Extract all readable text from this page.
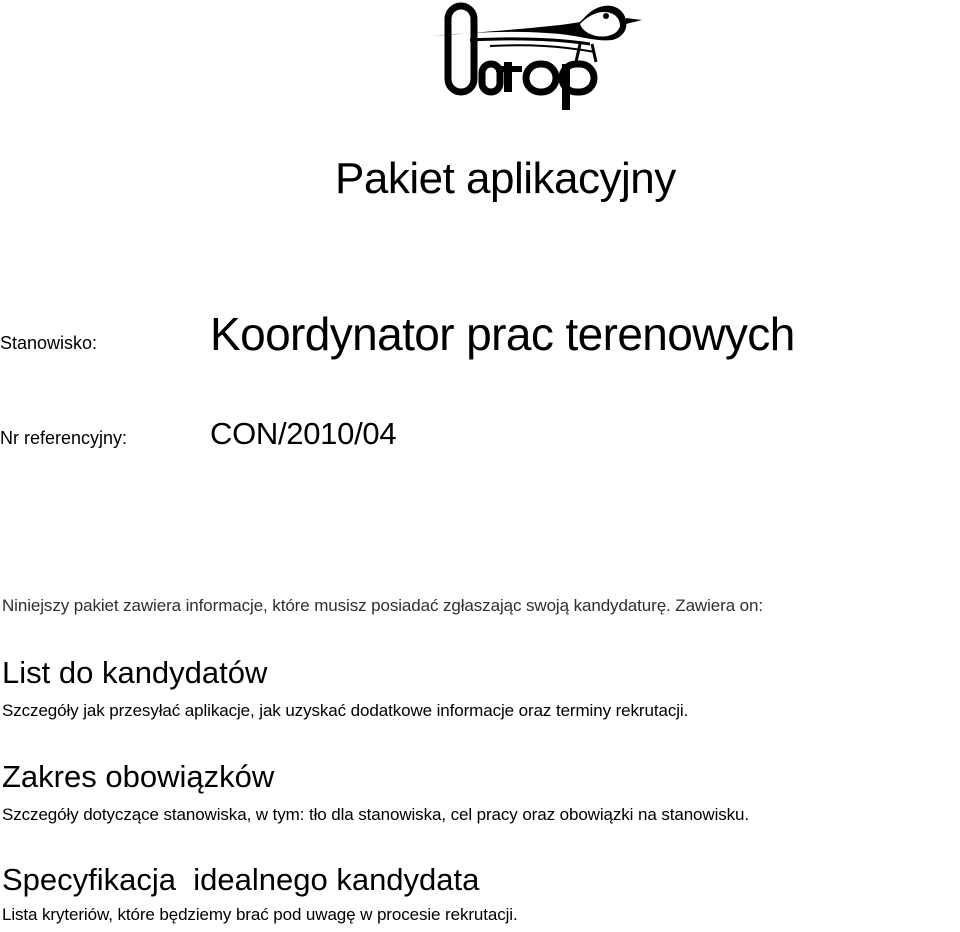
Pakiet aplikacyjny
Stanowisko: Koordynator prac terenowych
Nr referencyjny:	CON/2010/04
Niniejszy pakiet zawiera informacje, które musisz posiadać zgłaszając swoją kandydaturę. Zawiera on:
List do kandydatów
Szczegóły jak przesyłać aplikacje, jak uzyskać dodatkowe informacje oraz terminy rekrutacji.
Zakres obowiązków
Szczegóły dotyczące stanowiska, w tym: tło dla stanowiska, cel pracy oraz obowiązki na stanowisku.
Specyfikacja  idealnego kandydata
Lista kryteriów, które będziemy brać pod uwagę w procesie rekrutacji.
